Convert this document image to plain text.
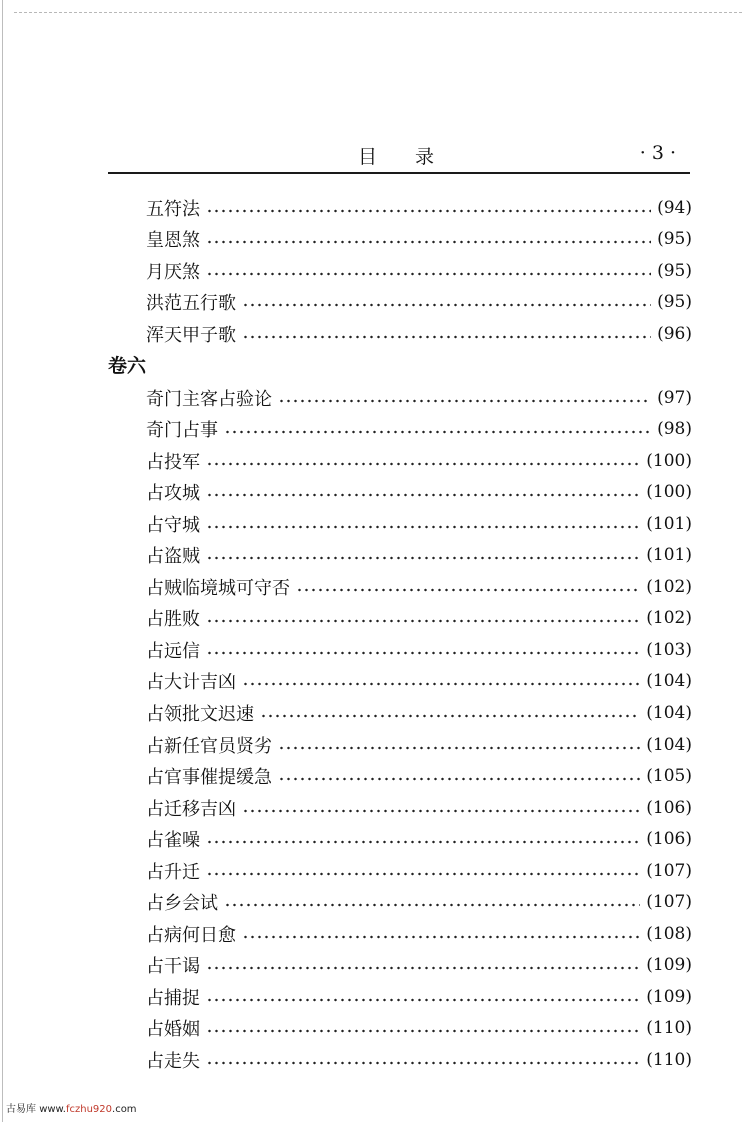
目录	· 3 ·
五符法	(94)
皇恩煞	(95)
月厌煞	(95)
洪范五行歌	(95)
浑天甲子歌	(96)
卷六
奇门主客占验论	(97)
奇门占事	(98)
占投军	(100)
占攻城	(100)
占守城	(101)
占盗贼	(101)
占贼临境城可守否	(102)
占胜败	(102)
占远信	(103)
占大计吉凶	(104)
占领批文迟速	(104)
占新任官员贤劣	(104)
占官事催提缓急	(105)
占迁移吉凶	(106)
占雀噪	(106)
占升迁	(107)
占乡会试	(107)
占病何日愈	(108)
占干谒	(109)
占捕捉	(109)
占婚姻	(110)
占走失	(110)
古易库 www.fczhu920.com
